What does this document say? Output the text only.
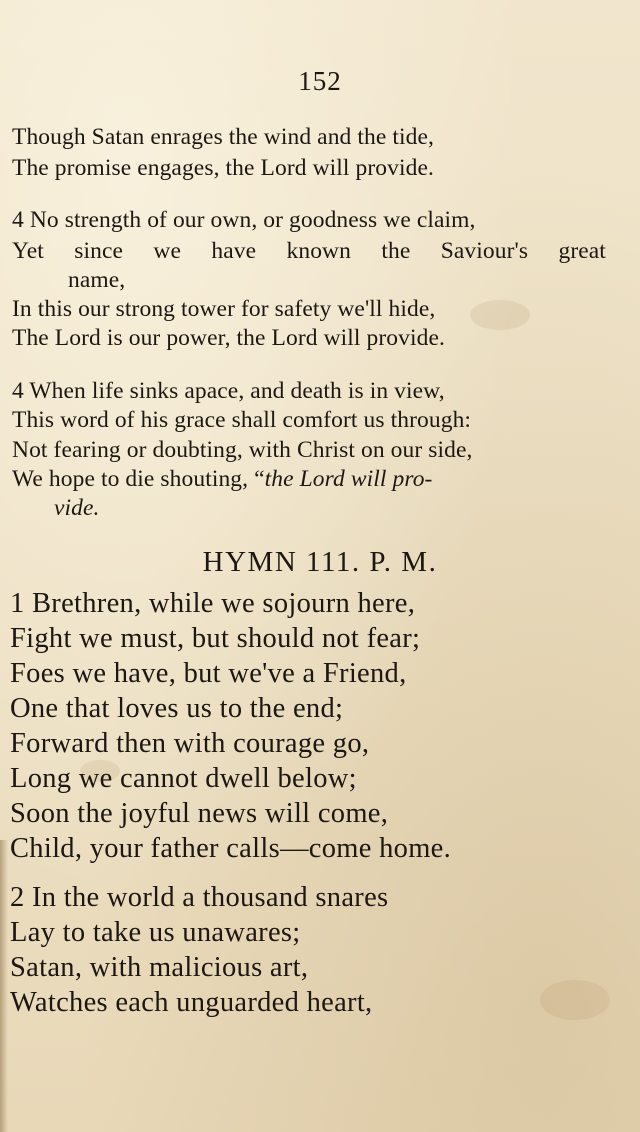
152
Though Satan enrages the wind and the tide,
The promise engages, the Lord will provide.
4 No strength of our own, or goodness we claim,
Yet since we have known the Saviour's great
name,
In this our strong tower for safety we'll hide,
The Lord is our power, the Lord will provide.
4 When life sinks apace, and death is in view,
This word of his grace shall comfort us through:
Not fearing or doubting, with Christ on our side,
We hope to die shouting, “the Lord will pro-
vide.
HYMN 111. P. M.
1 Brethren, while we sojourn here,
Fight we must, but should not fear;
Foes we have, but we've a Friend,
One that loves us to the end;
Forward then with courage go,
Long we cannot dwell below;
Soon the joyful news will come,
Child, your father calls—come home.
2 In the world a thousand snares
Lay to take us unawares;
Satan, with malicious art,
Watches each unguarded heart,
